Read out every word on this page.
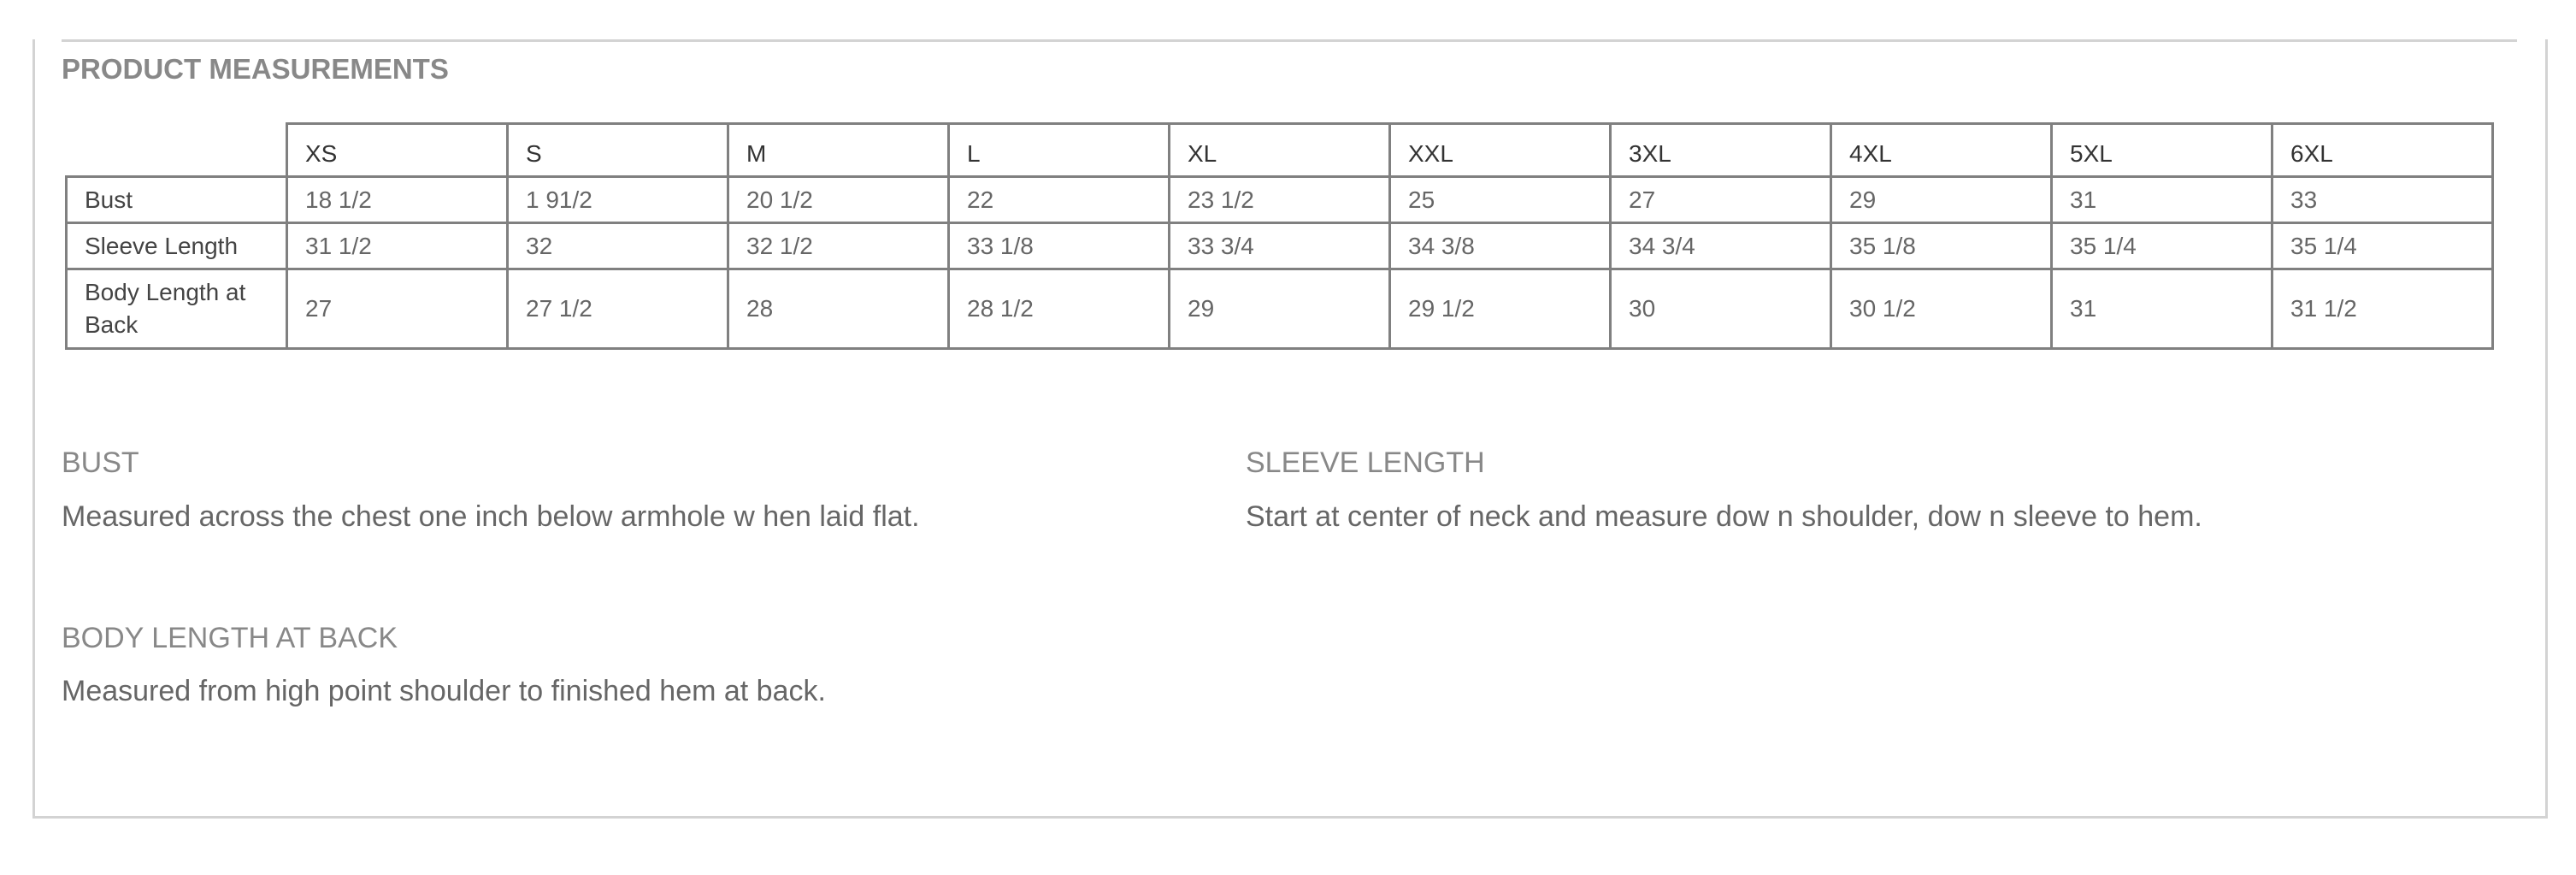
PRODUCT MEASUREMENTS
	XS	S	M	L	XL	XXL	3XL	4XL	5XL	6XL
Bust	18 1/2	1 91/2	20 1/2	22	23 1/2	25	27	29	31	33
Sleeve Length	31 1/2	32	32 1/2	33 1/8	33 3/4	34 3/8	34 3/4	35 1/8	35 1/4	35 1/4
Body Length at Back	27	27 1/2	28	28 1/2	29	29 1/2	30	30 1/2	31	31 1/2
BUST
Measured across the chest one inch below armhole w hen laid flat.
SLEEVE LENGTH
Start at center of neck and measure dow n shoulder, dow n sleeve to hem.
BODY LENGTH AT BACK
Measured from high point shoulder to finished hem at back.
